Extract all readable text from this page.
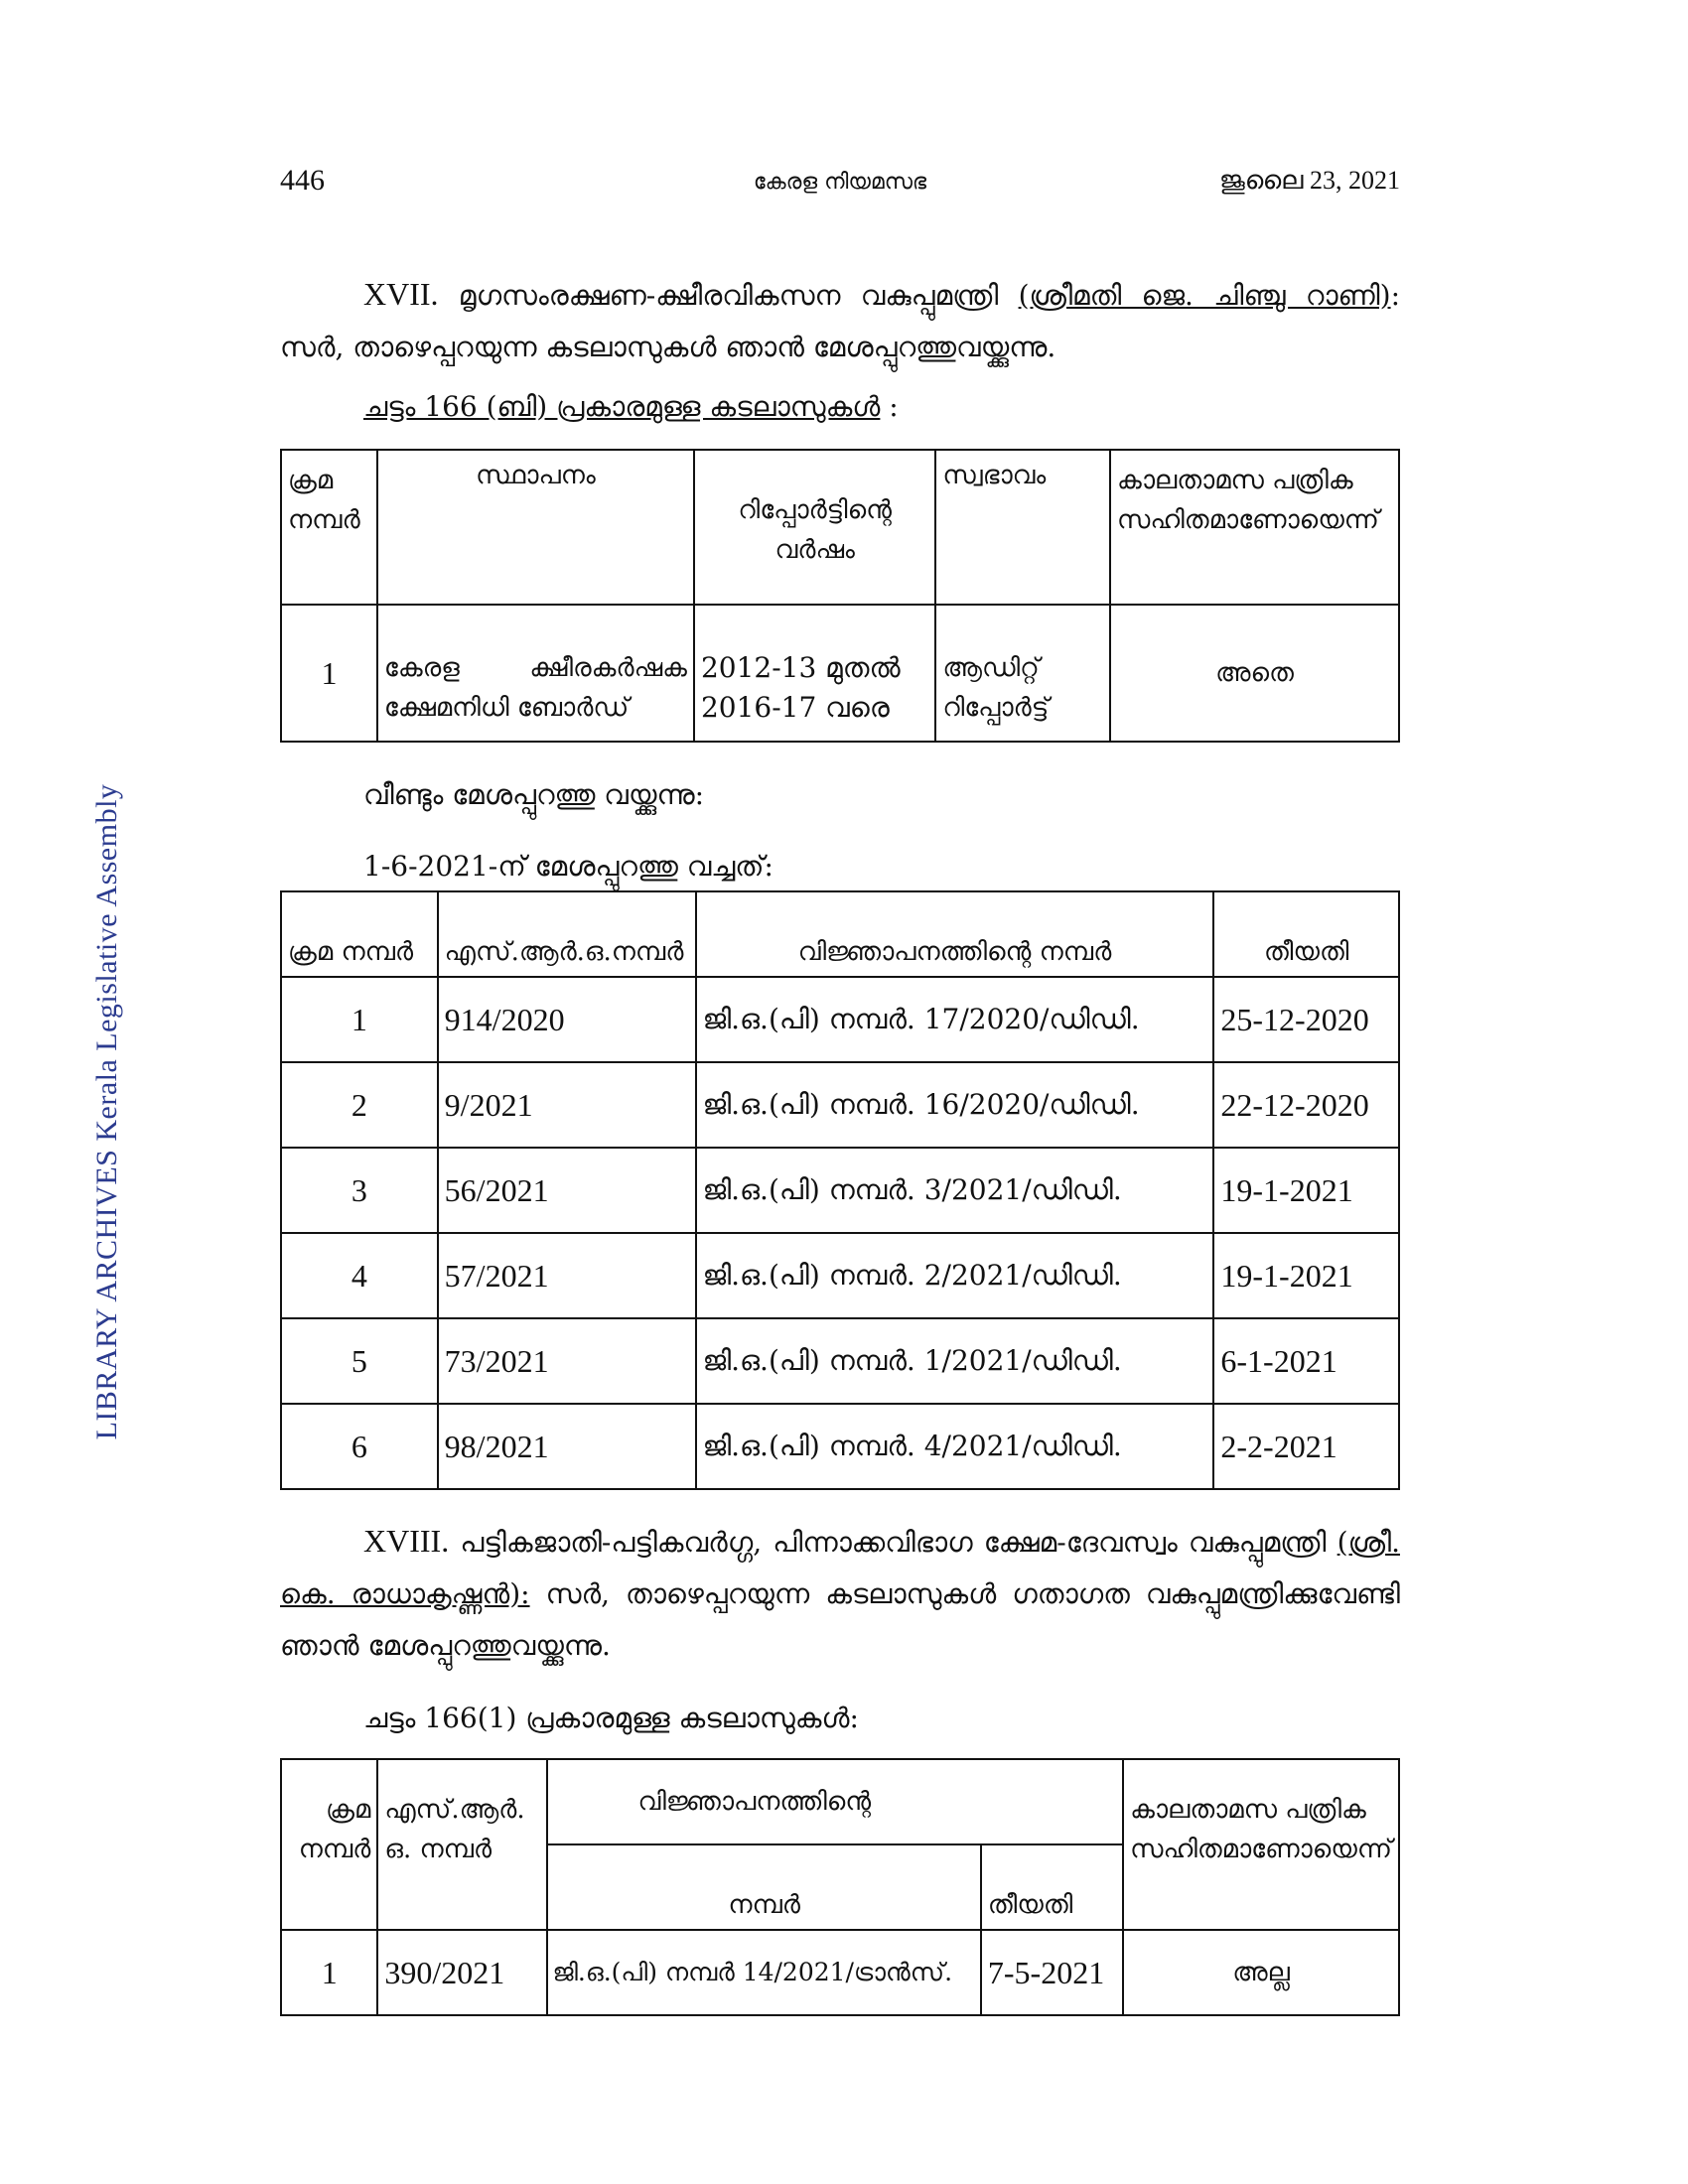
LIBRARY ARCHIVES Kerala Legislative Assembly
446	കേരള നിയമസഭ	ജൂലൈ 23, 2021
XVII. മൃഗസംരക്ഷണ-ക്ഷീരവികസന വകുപ്പുമന്ത്രി (ശ്രീമതി ജെ. ചിഞ്ചു റാണി): സർ, താഴെപ്പറയുന്ന കടലാസുകൾ ഞാൻ മേശപ്പുറത്തുവയ്ക്കുന്നു.
ചട്ടം 166 (ബി) പ്രകാരമുള്ള കടലാസുകൾ :
ക്രമ നമ്പർ	സ്ഥാപനം	റിപ്പോർട്ടിന്റെ വർഷം	സ്വഭാവം	കാലതാമസ പത്രിക സഹിതമാണോയെന്ന്
1	കേരള ക്ഷീരകർഷക ക്ഷേമനിധി ബോർഡ്	2012-13 മുതൽ 2016-17 വരെ	ആഡിറ്റ് റിപ്പോർട്ട്	അതെ
വീണ്ടും മേശപ്പുറത്തു വയ്ക്കുന്നു:
1-6-2021-ന് മേശപ്പുറത്തു വച്ചത്:
ക്രമ നമ്പർ	എസ്.ആർ.ഒ.നമ്പർ	വിജ്ഞാപനത്തിന്റെ നമ്പർ	തീയതി
1	914/2020	ജി.ഒ.(പി) നമ്പർ. 17/2020/ഡിഡി.	25-12-2020
2	9/2021	ജി.ഒ.(പി) നമ്പർ. 16/2020/ഡിഡി.	22-12-2020
3	56/2021	ജി.ഒ.(പി) നമ്പർ. 3/2021/ഡിഡി.	19-1-2021
4	57/2021	ജി.ഒ.(പി) നമ്പർ. 2/2021/ഡിഡി.	19-1-2021
5	73/2021	ജി.ഒ.(പി) നമ്പർ. 1/2021/ഡിഡി.	6-1-2021
6	98/2021	ജി.ഒ.(പി) നമ്പർ. 4/2021/ഡിഡി.	2-2-2021
XVIII. പട്ടികജാതി-പട്ടികവർഗ്ഗ, പിന്നാക്കവിഭാഗ ക്ഷേമ-ദേവസ്വം വകുപ്പുമന്ത്രി (ശ്രീ. കെ. രാധാകൃഷ്ണൻ): സർ, താഴെപ്പറയുന്ന കടലാസുകൾ ഗതാഗത വകുപ്പുമന്ത്രിക്കുവേണ്ടി ഞാൻ മേശപ്പുറത്തുവയ്ക്കുന്നു.
ചട്ടം 166(1) പ്രകാരമുള്ള കടലാസുകൾ:
ക്രമ നമ്പർ	എസ്.ആർ. ഒ. നമ്പർ	വിജ്ഞാപനത്തിന്റെ		കാലതാമസ പത്രിക സഹിതമാണോയെന്ന്
		നമ്പർ	തീയതി	
1	390/2021	ജി.ഒ.(പി) നമ്പർ 14/2021/ട്രാൻസ്.	7-5-2021	അല്ല
